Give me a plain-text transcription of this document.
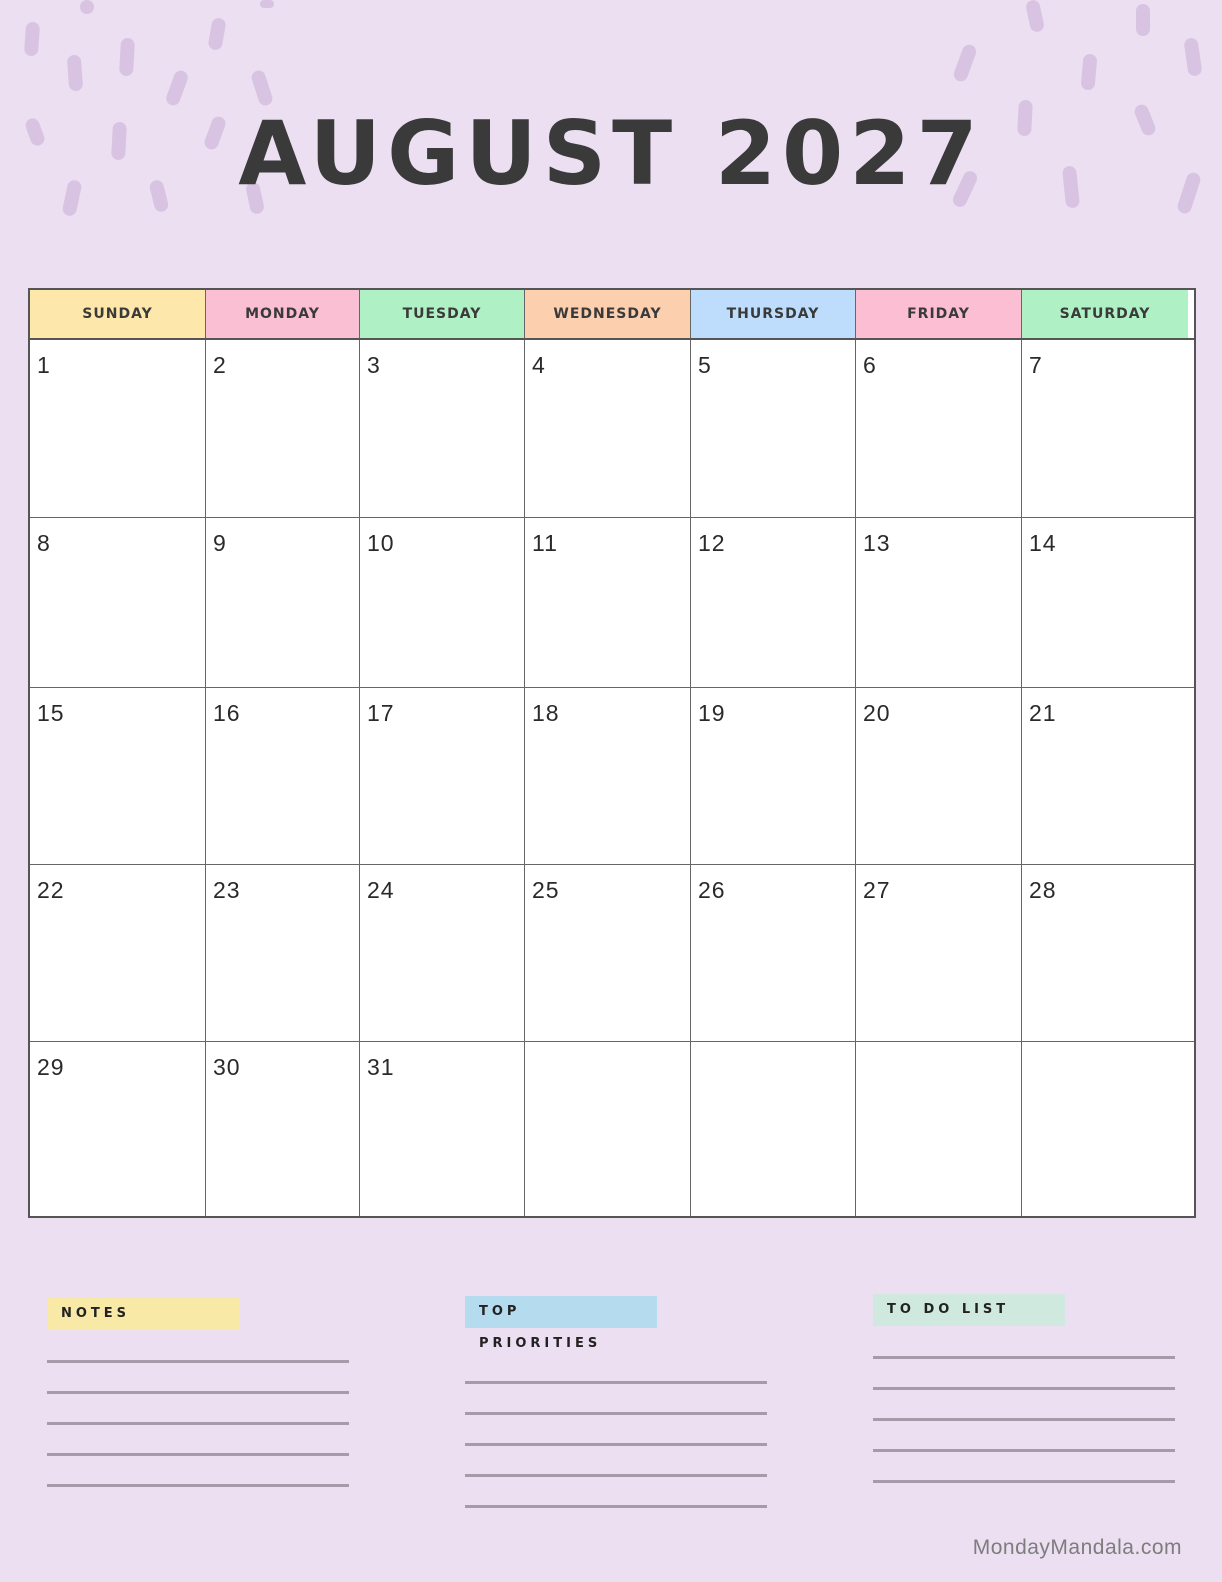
AUGUST 2027
SUNDAY	MONDAY	TUESDAY	WEDNESDAY	THURSDAY	FRIDAY	SATURDAY
1	2	3	4	5	6	7
8	9	10	11	12	13	14
15	16	17	18	19	20	21
22	23	24	25	26	27	28
29	30	31
NOTES	TOP PRIORITIES
TO DO LIST
MondayMandala.com
